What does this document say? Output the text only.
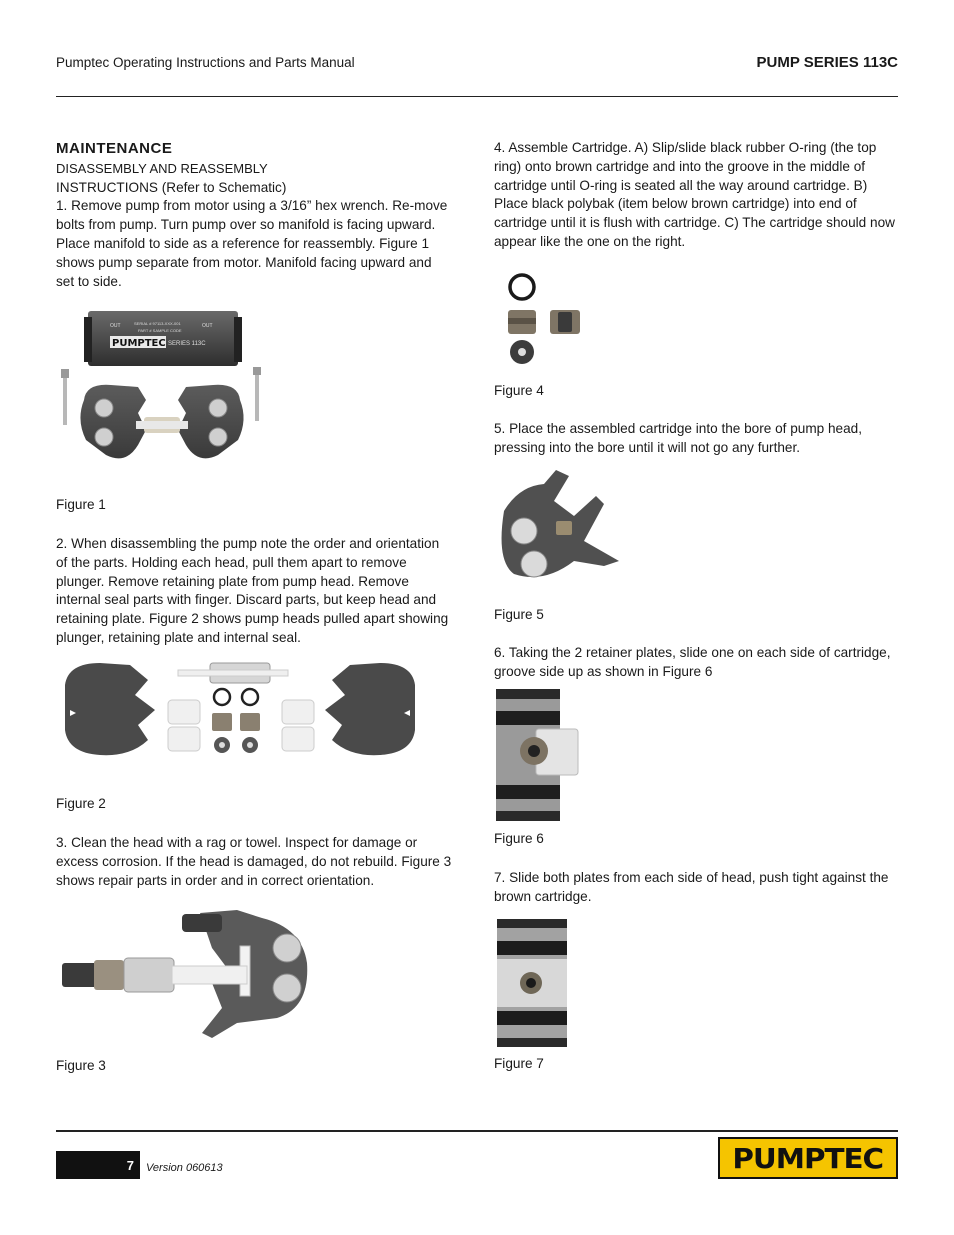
Pumptec Operating Instructions and Parts Manual	PUMP SERIES 113C
MAINTENANCE

DISASSEMBLY AND REASSEMBLY

INSTRUCTIONS (Refer to Schematic)

1. Remove pump from motor using a 3/16” hex wrench. Re-move bolts from pump. Turn pump over so manifold is facing upward. Place manifold to side as a reference for reassembly. Figure 1 shows pump separate from motor. Manifold facing upward and set to side.

OUT	OUT
SERIAL # 97113-XXX-001
PART # SAMPLE CODE
PUMPTEC SERIES 113C
Figure 1

2. When disassembling the pump note the order and orientation of the parts. Holding each head, pull them apart to remove plunger. Remove retaining plate from pump head. Remove internal seal parts with finger. Discard parts, but keep head and retaining plate. Figure 2 shows pump heads pulled apart showing plunger, retaining plate and internal seal.

Figure 2

3. Clean the head with a rag or towel. Inspect for damage or excess corrosion. If the head is damaged, do not rebuild. Figure 3 shows repair parts in order and in correct orientation.

Figure 3

4. Assemble Cartridge. A) Slip/slide black rubber O-ring (the top ring) onto brown cartridge and into the groove in the middle of cartridge until O-ring is seated all the way around cartridge. B) Place black polybak (item below brown cartridge) into end of cartridge until it is flush with cartridge. C) The cartridge should now appear like the one on the right.

Figure 4

5. Place the assembled cartridge into the bore of pump head, pressing into the bore until it will not go any further.

Figure 5

6. Taking the 2 retainer plates, slide one on each side of cartridge, groove side up as shown in Figure 6

Figure 6

7. Slide both plates from each side of head, push tight against the brown cartridge.

Figure 7
7	Version 060613	PUMPTEC
